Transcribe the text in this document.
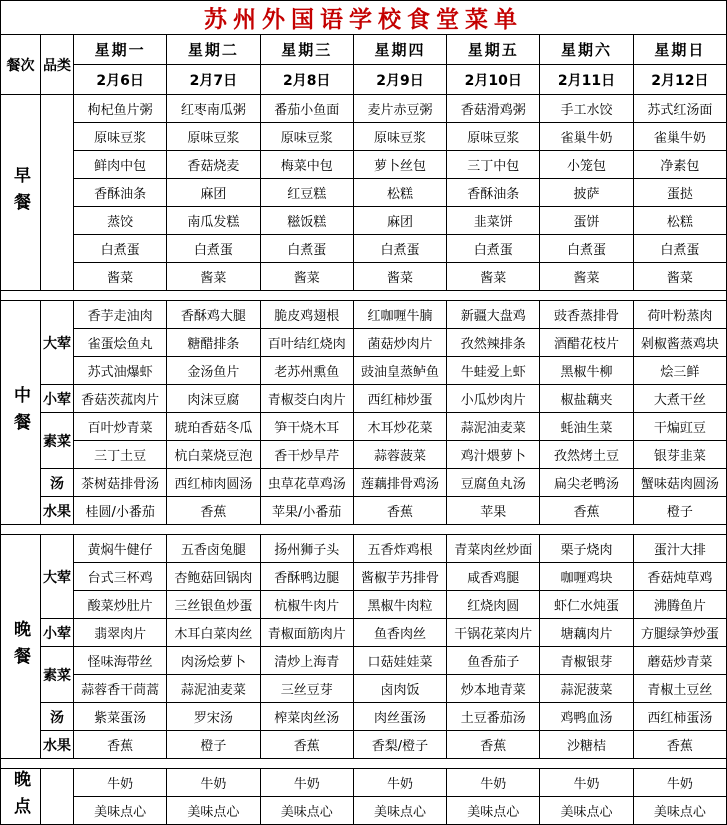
苏州外国语学校食堂菜单								
餐次	品类	星期一	星期二	星期三	星期四	星期五	星期六	星期日
		2月6日	2月7日	2月8日	2月9日	2月10日	2月11日	2月12日

早餐		枸杞鱼片粥	红枣南瓜粥	番茄小鱼面	麦片赤豆粥	香菇滑鸡粥	手工水饺	苏式红汤面
		原味豆浆	原味豆浆	原味豆浆	原味豆浆	原味豆浆	雀巢牛奶	雀巢牛奶
		鲜肉中包	香菇烧麦	梅菜中包	萝卜丝包	三丁中包	小笼包	净素包
		香酥油条	麻团	红豆糕	松糕	香酥油条	披萨	蛋挞
		蒸饺	南瓜发糕	糍饭糕	麻团	韭菜饼	蛋饼	松糕
		白煮蛋	白煮蛋	白煮蛋	白煮蛋	白煮蛋	白煮蛋	白煮蛋
		酱菜	酱菜	酱菜	酱菜	酱菜	酱菜	酱菜

中餐	大荤	香芋走油肉	香酥鸡大腿	脆皮鸡翅根	红咖喱牛腩	新疆大盘鸡	豉香蒸排骨	荷叶粉蒸肉
		雀蛋烩鱼丸	糖醋排条	百叶结红烧肉	菌菇炒肉片	孜然辣排条	酒醋花枝片	剁椒酱蒸鸡块
		苏式油爆虾	金汤鱼片	老苏州熏鱼	豉油皇蒸鲈鱼	牛蛙爱上虾	黑椒牛柳	烩三鲜
	小荤	香菇茨菰肉片	肉沫豆腐	青椒茭白肉片	西红柿炒蛋	小瓜炒肉片	椒盐藕夹	大煮干丝
	素菜	百叶炒青菜	琥珀香菇冬瓜	笋干烧木耳	木耳炒花菜	蒜泥油麦菜	蚝油生菜	干煸豇豆
		三丁土豆	杭白菜烧豆泡	香干炒旱芹	蒜蓉菠菜	鸡汁煨萝卜	孜然烤土豆	银芽韭菜
	汤	茶树菇排骨汤	西红柿肉圆汤	虫草花草鸡汤	莲藕排骨鸡汤	豆腐鱼丸汤	扁尖老鸭汤	蟹味菇肉圆汤
	水果	桂圆/小番茄	香蕉	苹果/小番茄	香蕉	苹果	香蕉	橙子

晚餐	大荤	黄焖牛健仔	五香卤兔腿	扬州狮子头	五香炸鸡根	青菜肉丝炒面	栗子烧肉	蛋汁大排
		台式三杯鸡	杏鲍菇回锅肉	香酥鸭边腿	酱椒芋艿排骨	咸香鸡腿	咖喱鸡块	香菇炖草鸡
		酸菜炒肚片	三丝银鱼炒蛋	杭椒牛肉片	黑椒牛肉粒	红烧肉圆	虾仁水炖蛋	沸腾鱼片
	小荤	翡翠肉片	木耳白菜肉丝	青椒面筋肉片	鱼香肉丝	干锅花菜肉片	塘藕肉片	方腿绿笋炒蛋
	素菜	怪味海带丝	肉汤烩萝卜	清炒上海青	口菇娃娃菜	鱼香茄子	青椒银芽	蘑菇炒青菜
		蒜蓉香干茼蒿	蒜泥油麦菜	三丝豆芽	卤肉饭	炒本地青菜	蒜泥菠菜	青椒土豆丝
	汤	紫菜蛋汤	罗宋汤	榨菜肉丝汤	肉丝蛋汤	土豆番茄汤	鸡鸭血汤	西红柿蛋汤
	水果	香蕉	橙子	香蕉	香梨/橙子	香蕉	沙糖桔	香蕉

晚点		牛奶	牛奶	牛奶	牛奶	牛奶	牛奶	牛奶
		美味点心	美味点心	美味点心	美味点心	美味点心	美味点心	美味点心
